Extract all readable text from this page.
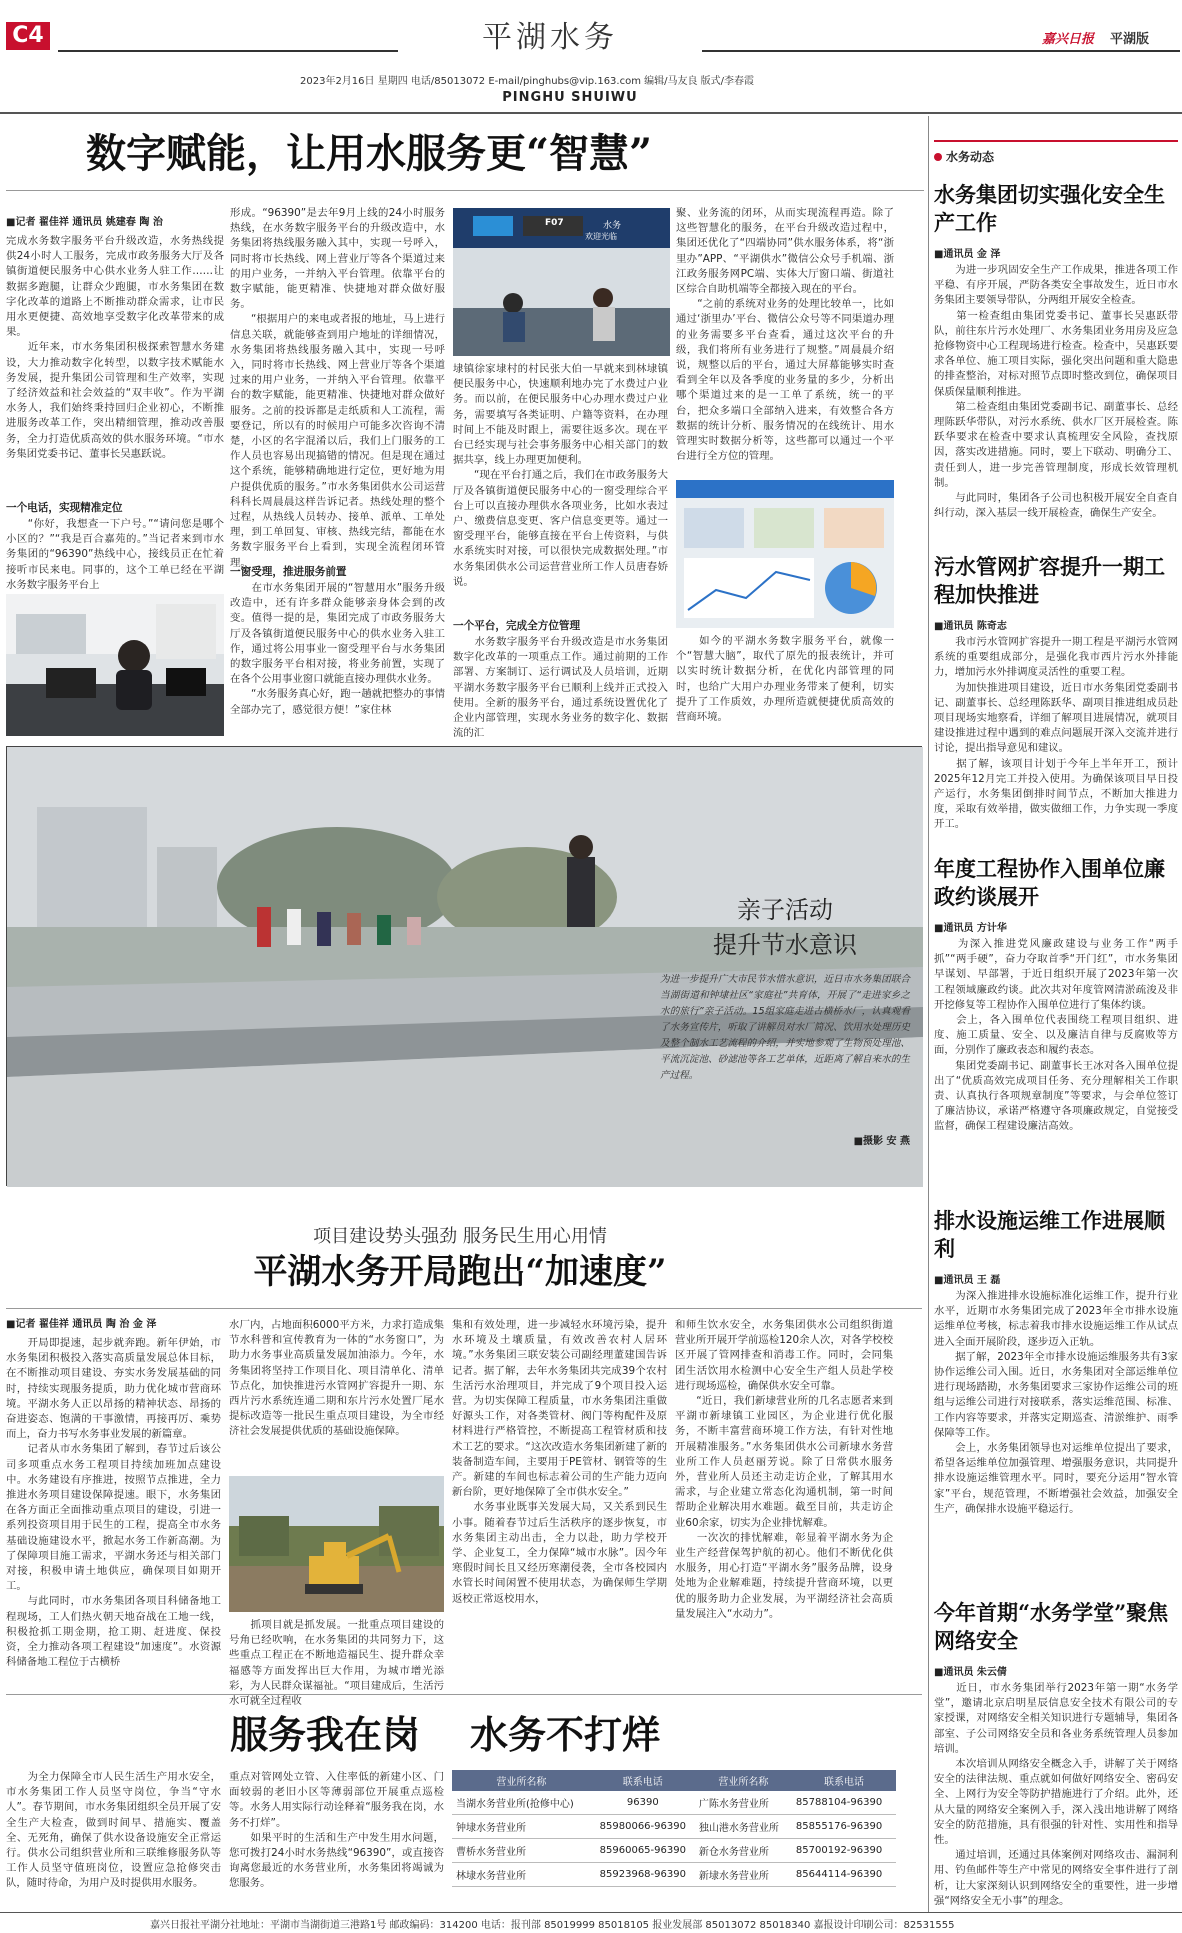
C4	平湖水务	嘉兴日报 平湖版
2023年2月16日 星期四 电话/85013072 E-mail/pinghubs@vip.163.com 编辑/马友良 版式/李春霞
PINGHU SHUIWU
数字赋能，让用水服务更“智慧”
■记者 翟佳祥 通讯员 姚建春 陶 治
完成水务数字服务平台升级改造，水务热线提供24小时人工服务，完成市政务服务大厅及各镇街道便民服务中心供水业务人驻工作……让数据多跑腿，让群众少跑腿，市水务集团在数字化改革的道路上不断推动群众需求，让市民用水更便捷、高效地享受数字化改革带来的成果。
　　近年来，市水务集团积极探索智慧水务建设，大力推动数字化转型，以数字技术赋能水务发展，提升集团公司管理和生产效率，实现了经济效益和社会效益的“双丰收”。作为平湖水务人，我们始终秉持回归企业初心，不断推进服务改革工作，突出精细管理，推动改善服务，全力打造优质高效的供水服务环境。“市水务集团党委书记、董事长吴惠跃说。
一个电话，实现精准定位
　　“你好，我想查一下户号。”“请问您是哪个小区的？”“我是百合嘉苑的。”当记者来到市水务集团的“96390”热线中心，接线员正在忙着接听市民来电。同事的，这个工单已经在平湖水务数字服务平台上
形成。“96390”是去年9月上线的24小时服务热线，在水务数字服务平台的升级改造中，水务集团将热线服务融入其中，实现一号呼入，同时将市长热线、网上营业厅等各个渠道过来的用户业务，一并纳入平台管理。依靠平台的数字赋能，能更精准、快捷地对群众做好服务。
　　“根据用户的来电或者报的地址，马上进行信息关联，就能够查到用户地址的详细情况，水务集团将热线服务融入其中，实现一号呼入，同时将市长热线、网上营业厅等各个渠道过来的用户业务，一并纳入平台管理。依靠平台的数字赋能，能更精准、快捷地对群众做好服务。之前的投诉都是走纸质和人工流程，需要登记，所以有的时候用户可能多次咨询不清楚，小区的名字混淆以后，我们上门服务的工作人员也容易出现搞错的情况。但是现在通过这个系统，能够精确地进行定位，更好地为用户提供优质的服务。”市水务集团供水公司运营科科长周晨晨这样告诉记者。热线处理的整个过程，从热线人员转办、接单、派单、工单处理，到工单回复、审核、热线完结，都能在水务数字服务平台上看到，实现全流程闭环管理。
一窗受理，推进服务前置
　　在市水务集团开展的“智慧用水”服务升级改造中，还有许多群众能够亲身体会到的改变。值得一提的是，集团完成了市政务服务大厅及各镇街道便民服务中心的供水业务入驻工作，通过将公用事业一窗受理平台与水务集团的数字服务平台相对接，将业务前置，实现了在各个公用事业窗口就能直接办理供水业务。
　　“水务服务真心好，跑一趟就把整办的事情全部办完了，感觉很方便！”家住林
F07	水务
欢迎光临
埭镇徐家埭村的村民张大伯一早就来到林埭镇便民服务中心，快速顺利地办完了水费过户业务。而以前，在便民服务中心办理水费过户业务，需要填写各类证明、户籍等资料，在办理时间上不能及时跟上，需要往返多次。现在平台已经实现与社会事务服务中心相关部门的数据共享，线上办理更加便利。
　　“现在平台打通之后，我们在市政务服务大厅及各镇街道便民服务中心的一窗受理综合平台上可以直接办理供水各项业务，比如水表过户、缴费信息变更、客户信息变更等。通过一窗受理平台，能够直接在平台上传资料，与供水系统实时对接，可以很快完成数据处理。”市水务集团供水公司运营营业所工作人员唐春娇说。
一个平台，完成全方位管理
　　水务数字服务平台升级改造是市水务集团数字化改革的一项重点工作。通过前期的工作部署、方案制订、运行调试及人员培训，近期平湖水务数字服务平台已顺利上线并正式投入使用。全新的服务平台，通过系统设置优化了企业内部管理，实现水务业务的数字化、数据流的汇
聚、业务流的闭环，从而实现流程再造。除了这些智慧化的服务，在平台升级改造过程中，集团还优化了“四端协同”供水服务体系，将“浙里办”APP、“平湖供水”微信公众号手机端、浙江政务服务网PC端、实体大厅窗口端、街道社区综合自助机端等全都接入现在的平台。
　　“之前的系统对业务的处理比较单一，比如通过‘浙里办’平台、微信公众号等不同渠道办理的业务需要多平台查看，通过这次平台的升级，我们将所有业务进行了规整。”周晨晨介绍说，规整以后的平台，通过大屏幕能够实时查看到全年以及各季度的业务量的多少，分析出哪个渠道过来的是一工单了系统，统一的平台，把众多端口全部纳入进来，有效整合各方数据的统计分析、服务情况的在线统计、用水管理实时数据分析等，这些都可以通过一个平台进行全方位的管理。
　　如今的平湖水务数字服务平台，就像一个“智慧大脑”，取代了原先的报表统计，并可以实时统计数据分析，在优化内部管理的同时，也给广大用户办理业务带来了便利，切实提升了工作质效，办理所造就便捷优质高效的营商环境。
亲子活动
提升节水意识
为进一步提升广大市民节水惜水意识，近日市水务集团联合当湖街道和钟埭社区“家庭社”共育体，开展了“走进家乡之水的旅行”亲子活动。15组家庭走进古横桥水厂，认真观看了水务宣传片，听取了讲解员对水厂简况、饮用水处理历史及整个制水工艺流程的介绍，并实地参观了生物预处理池、平流沉淀池、砂滤池等各工艺单体，近距离了解自来水的生产过程。
■摄影 安 燕
项目建设势头强劲 服务民生用心用情
平湖水务开局跑出“加速度”
■记者 翟佳祥 通讯员 陶 治 金 泽
　　开局即提速，起步就奔跑。新年伊始，市水务集团积极投入落实高质量发展总体目标，在不断推动项目建设、夯实水务发展基础的同时，持续实现服务提质，助力优化城市营商环境。平湖水务人正以昂扬的精神状态、昂扬的奋进姿态、饱满的干事激情，再接再厉、乘势而上，奋力书写水务事业发展的新篇章。
　　记者从市水务集团了解到，春节过后该公司多项重点水务工程项目持续加班加点建设中。水务建设有序推进，按照节点推进，全力推进水务项目建设保障提速。眼下，水务集团在各方面正全面推动重点项目的建设，引进一系列投资项目用于民生的工程，提高全市水务基础设施建设水平，掀起水务工作新高潮。为了保障项目施工需求，平湖水务还与相关部门对接，积极申请土地供应，确保项目如期开工。
　　与此同时，市水务集团各项目科储备地工程现场，工人们热火朝天地奋战在工地一线，积极抢抓工期金期，抢工期、赶进度、保投资，全力推动各项工程建设“加速度”。水资源科储备地工程位于古横桥
水厂内，占地面积6000平方米，力求打造成集节水科普和宣传教育为一体的“水务窗口”，为助力水务事业高质量发展加油添力。今年，水务集团将坚持工作项目化、项目清单化、清单节点化，加快推进污水管网扩容提升一期、东西片污水系统连通二期和东片污水处置厂尾水提标改造等一批民生重点项目建设，为全市经济社会发展提供优质的基础设施保障。
　　抓项目就是抓发展。一批重点项目建设的号角已经吹响，在水务集团的共同努力下，这些重点工程正在不断地造福民生、提升群众幸福感等方面发挥出巨大作用，为城市增光添彩，为人民群众谋福祉。“项目建成后，生活污水可就全过程收
集和有效处理，进一步减轻水环境污染，提升水环境及土壤质量，有效改善农村人居环境。”水务集团三联安装公司副经理董建国告诉记者。据了解，去年水务集团共完成39个农村生活污水治理项目，并完成了9个项目投入运营。为切实保障工程质量，市水务集团注重做好源头工作，对各类管材、阀门等构配件及原材料进行严格管控，不断提高工程管材质和技术工艺的要求。“这次改造水务集团新建了新的装备制造车间，主要用于PE管材、钢管等的生产。新建的车间也标志着公司的生产能力迈向新台阶，更好地保障了全市供水安全。”
　　水务事业既事关发展大局，又关系到民生小事。随着春节过后生活秩序的逐步恢复，市水务集团主动出击，全力以赴，助力学校开学、企业复工，全力保障“城市水脉”。因今年寒假时间长且又经历寒潮侵袭，全市各校园内水管长时间闲置不使用状态，为确保师生学期返校正常返校用水，
和师生饮水安全，水务集团供水公司组织街道营业所开展开学前巡检120余人次，对各学校校区开展了管网排查和消毒工作。同时，会同集团生活饮用水检测中心安全生产组人员赴学校进行现场巡检，确保供水安全可靠。
　　“近日，我们新埭营业所的几名志愿者来到平湖市新埭镇工业园区，为企业进行优化服务，不断丰富营商环境工作方法，有针对性地开展精准服务。”水务集团供水公司新埭水务营业所工作人员赵丽芳说。除了日常供水服务外，营业所人员还主动走访企业，了解其用水需求，与企业建立常态化沟通机制，第一时间帮助企业解决用水难题。截至目前，共走访企业60余家，切实为企业排忧解难。
　　一次次的排忧解难，彰显着平湖水务为企业生产经营保驾护航的初心。他们不断优化供水服务，用心打造“平湖水务”服务品牌，设身处地为企业解难题，持续提升营商环境，以更优的服务助力企业发展，为平湖经济社会高质量发展注入“水动力”。
服务我在岗 水务不打烊
　　为全力保障全市人民生活生产用水安全，市水务集团工作人员坚守岗位，争当“守水人”。春节期间，市水务集团组织全员开展了安全生产大检查，做到时间早、措施实、覆盖全、无死角，确保了供水设备设施安全正常运行。供水公司组织营业所和三联维修服务队等工作人员坚守值班岗位，设置应急抢修突击队，随时待命，为用户及时提供用水服务。
重点对管网处立管、入住率低的新建小区、门面较弱的老旧小区等薄弱部位开展重点巡检等。水务人用实际行动诠释着“服务我在岗，水务不打烊”。
　　如果平时的生活和生产中发生用水问题，您可拨打24小时水务热线“96390”，或直接咨询离您最近的水务营业所，水务集团将竭诚为您服务。
营业所名称	联系电话	营业所名称	联系电话
当湖水务营业所(抢修中心)	96390	广陈水务营业所	85788104-96390
钟埭水务营业所	85980066-96390	独山港水务营业所	85855176-96390
曹桥水务营业所	85960065-96390	新仓水务营业所	85700192-96390
林埭水务营业所	85923968-96390	新埭水务营业所	85644114-96390
水务动态
水务集团切实强化安全生产工作
■通讯员 金 泽
　　为进一步巩固安全生产工作成果，推进各项工作平稳、有序开展，严防各类安全事故发生，近日市水务集团主要领导带队，分两组开展安全检查。
　　第一检查组由集团党委书记、董事长吴惠跃带队，前往东片污水处理厂、水务集团业务用房及应急抢修物资中心工程现场进行检查。检查中，吴惠跃要求各单位、施工项目实际，强化突出问题和重大隐患的排查整治，对标对照节点即时整改到位，确保项目保质保量顺利推进。
　　第二检查组由集团党委副书记、副董事长、总经理陈跃华带队，对污水系统、供水厂区开展检查。陈跃华要求在检查中要求认真梳理安全风险，查找原因，落实改进措施。同时，要上下联动、明确分工、责任到人，进一步完善管理制度，形成长效管理机制。
　　与此同时，集团各子公司也积极开展安全自查自纠行动，深入基层一线开展检查，确保生产安全。
污水管网扩容提升一期工程加快推进
■通讯员 陈奇志
　　我市污水管网扩容提升一期工程是平湖污水管网系统的重要组成部分，是强化我市西片污水外排能力，增加污水外排调度灵活性的重要工程。
　　为加快推进项目建设，近日市水务集团党委副书记、副董事长、总经理陈跃华、副项目推进组成员赴项目现场实地察看，详细了解项目进展情况，就项目建设推进过程中遇到的难点问题展开深入交流并进行讨论，提出指导意见和建议。
　　据了解，该项目计划于今年上半年开工，预计2025年12月完工并投入使用。为确保该项目早日投产运行，水务集团倒排时间节点，不断加大推进力度，采取有效举措，做实做细工作，力争实现一季度开工。
年度工程协作入围单位廉政约谈展开
■通讯员 方计华
　　为深入推进党风廉政建设与业务工作“两手抓”“两手硬”，奋力夺取首季“开门红”，市水务集团早谋划、早部署，于近日组织开展了2023年第一次工程领域廉政约谈。此次共对年度管网清淤疏浚及非开挖修复等工程协作入围单位进行了集体约谈。
　　会上，各入围单位代表围绕工程项目组织、进度、施工质量、安全、以及廉洁自律与反腐败等方面，分别作了廉政表态和履约表态。
　　集团党委副书记、副董事长王冰对各入围单位提出了“优质高效完成项目任务、充分理解相关工作职责、认真执行各项规章制度”等要求，与会单位签订了廉洁协议，承诺严格遵守各项廉政规定，自觉接受监督，确保工程建设廉洁高效。
排水设施运维工作进展顺利
■通讯员 王 磊
　　为深入推进排水设施标准化运维工作，提升行业水平，近期市水务集团完成了2023年全市排水设施运维单位考核，标志着我市排水设施运维工作从试点进入全面开展阶段，逐步迈入正轨。
　　据了解，2023年全市排水设施运维服务共有3家协作运维公司入围。近日，水务集团对全部运维单位进行现场踏勘，水务集团要求三家协作运维公司的班组与运维公司进行对接联系，落实运维范围、标准、工作内容等要求，并落实定期巡查、清淤维护、雨季保障等工作。
　　会上，水务集团领导也对运维单位提出了要求，希望各运维单位加强管理、增强服务意识，共同提升排水设施运维管理水平。同时，要充分运用“智水管家”平台，规范管理，不断增强社会效益，加强安全生产，确保排水设施平稳运行。
今年首期“水务学堂”聚焦网络安全
■通讯员 朱云倩
　　近日，市水务集团举行2023年第一期“水务学堂”，邀请北京启明星辰信息安全技术有限公司的专家授课，对网络安全相关知识进行专题辅导，集团各部室、子公司网络安全员和各业务系统管理人员参加培训。
　　本次培训从网络安全概念入手，讲解了关于网络安全的法律法规、重点就如何做好网络安全、密码安全、上网行为安全等防护措施进行了介绍。此外，还从大量的网络安全案例入手，深入浅出地讲解了网络安全的防范措施，具有很强的针对性、实用性和指导性。
　　通过培训，还通过具体案例对网络攻击、漏洞利用、钓鱼邮件等生产中常见的网络安全事件进行了剖析，让大家深刻认识到网络安全的重要性，进一步增强“网络安全无小事”的理念。
嘉兴日报社平湖分社地址：平湖市当湖街道三港路1号 邮政编码：314200 电话：报刊部 85019999 85018105 报业发展部 85013072 85018340 嘉报设计印刷公司：82531555
